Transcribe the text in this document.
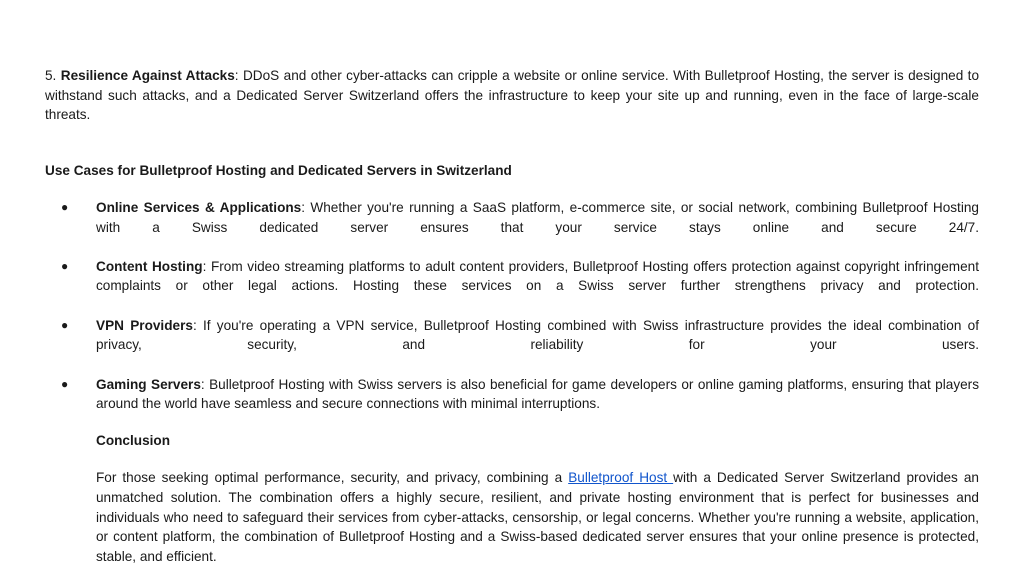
5. Resilience Against Attacks: DDoS and other cyber-attacks can cripple a website or online service. With Bulletproof Hosting, the server is designed to withstand such attacks, and a Dedicated Server Switzerland offers the infrastructure to keep your site up and running, even in the face of large-scale threats.

Use Cases for Bulletproof Hosting and Dedicated Servers in Switzerland

● Online Services & Applications: Whether you're running a SaaS platform, e-commerce site, or social network, combining Bulletproof Hosting with a Swiss dedicated server ensures that your service stays online and secure 24/7.

● Content Hosting: From video streaming platforms to adult content providers, Bulletproof Hosting offers protection against copyright infringement complaints or other legal actions. Hosting these services on a Swiss server further strengthens privacy and protection.

● VPN Providers: If you're operating a VPN service, Bulletproof Hosting combined with Swiss infrastructure provides the ideal combination of privacy, security, and reliability for your users.

● Gaming Servers: Bulletproof Hosting with Swiss servers is also beneficial for game developers or online gaming platforms, ensuring that players around the world have seamless and secure connections with minimal interruptions.

Conclusion

For those seeking optimal performance, security, and privacy, combining a Bulletproof Host with a Dedicated Server Switzerland provides an unmatched solution. The combination offers a highly secure, resilient, and private hosting environment that is perfect for businesses and individuals who need to safeguard their services from cyber-attacks, censorship, or legal concerns. Whether you're running a website, application, or content platform, the combination of Bulletproof Hosting and a Swiss-based dedicated server ensures that your online presence is protected, stable, and efficient.
